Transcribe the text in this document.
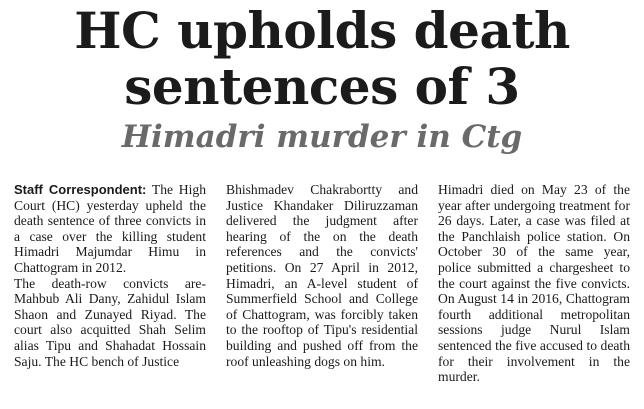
HC upholds death
sentences of 3
Himadri murder in Ctg

Staff Correspondent: The High Court (HC) yesterday upheld the death sentence of three convicts in a case over the killing student Himadri Majumdar Himu in Chattogram in 2012.

The death-row convicts are-Mahbub Ali Dany, Zahidul Islam Shaon and Zunayed Riyad. The court also acquitted Shah Selim alias Tipu and Shahadat Hossain Saju. The HC bench of Justice

Bhishmadev Chakrabortty and Justice Khandaker Diliruzzaman delivered the judgment after hearing of the on the death references and the convicts' petitions. On 27 April in 2012, Himadri, an A-level student of Summerfield School and College of Chattogram, was forcibly taken to the rooftop of Tipu's residential building and pushed off from the roof unleashing dogs on him.

Himadri died on May 23 of the year after undergoing treatment for 26 days. Later, a case was filed at the Panchlaish police station. On October 30 of the same year, police submitted a chargesheet to the court against the five convicts. On August 14 in 2016, Chattogram fourth additional metropolitan sessions judge Nurul Islam sentenced the five accused to death for their involvement in the murder.
